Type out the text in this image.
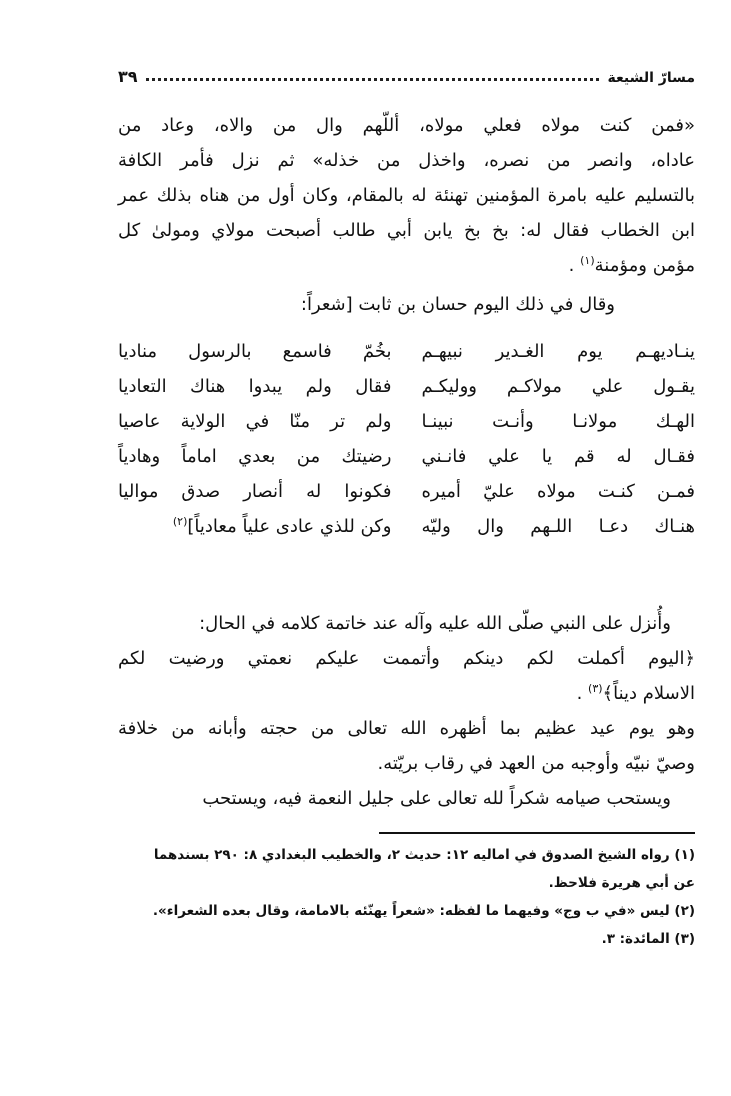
مسارّ الشيعة
٣٩
«فمن كنت مولاه فعلي مولاه، أللّهم وال من والاه، وعاد من
عاداه، وانصر من نصره، واخذل من خذله» ثم نزل فأمر الكافة
بالتسليم عليه بامرة المؤمنين تهنئة له بالمقام، وكان أول من هناه بذلك عمر
ابن الخطاب فقال له: بخ بخ يابن أبي طالب أصبحت مولاي ومولىٰ كل
مؤمن ومؤمنة$^{(١)}$ .
وقال في ذلك اليوم حسان بن ثابت [شعراً:
ينـاديهـم يوم الغـدير نبيهـم
بخُمّ فاسمع بالرسول مناديا
يقـول علي مولاكـم ووليكـم
فقال ولم يبدوا هناك التعاديا
الهـك مولانـا وأنـت نبينـا
ولم تر منّا في الولاية عاصيا
فقـال له قم يا علي فانـني
رضيتك من بعدي اماماً وهادياً
فمـن كنـت مولاه عليّ أميره
فكونوا له أنصار صدق مواليا
هنـاك دعـا اللـهم وال وليّه
وكن للذي عادى علياً معادياً]$^{(٢)}$
وأُنزل على النبي صلّى الله عليه وآله عند خاتمة كلامه في الحال:
﴿اليوم أكملت لكم دينكم وأتممت عليكم نعمتي ورضيت لكم
الاسلام ديناً﴾$^{(٣)}$ .
وهو يوم عيد عظيم بما أظهره الله تعالى من حجته وأبانه من خلافة
وصيّ نبيّه وأوجبه من العهد في رقاب بريّته.
ويستحب صيامه شكراً لله تعالى على جليل النعمة فيه، ويستحب
(١) رواه الشيخ الصدوق في اماليه ١٢: حديث ٢، والخطيب البغدادي ٨: ٢٩٠ بسندهما
عن أبي هريرة فلاحظ.
(٢) ليس «في ب وج» وفيهما ما لفظه: «شعراً يهنّئه بالامامة، وقال بعده الشعراء».
(٣) المائدة: ٣.
